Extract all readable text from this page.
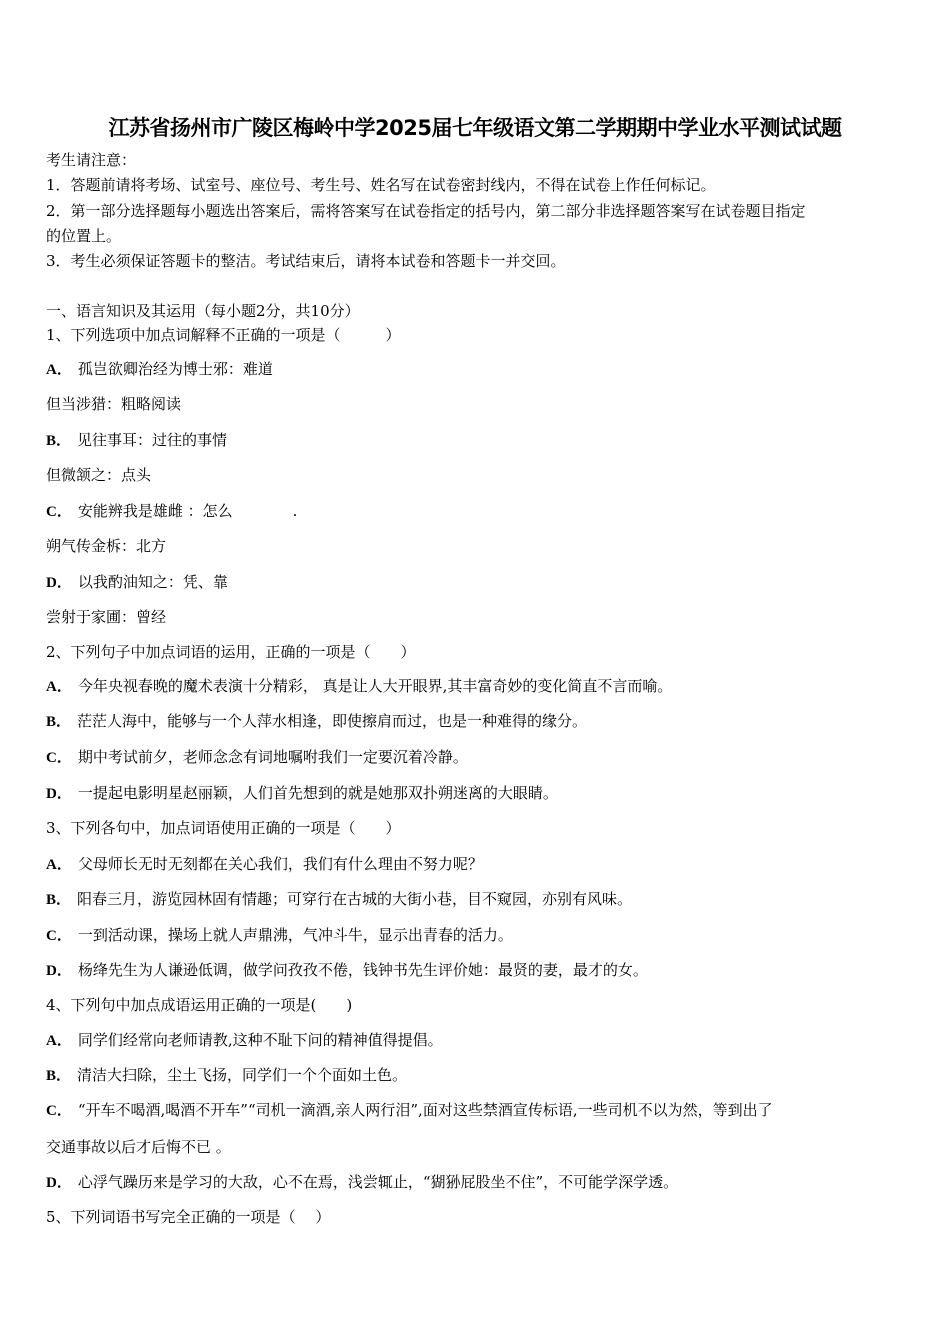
江苏省扬州市广陵区梅岭中学2025届七年级语文第二学期期中学业水平测试试题
考生请注意：
1．答题前请将考场、试室号、座位号、考生号、姓名写在试卷密封线内，不得在试卷上作任何标记。
2．第一部分选择题每小题选出答案后，需将答案写在试卷指定的括号内，第二部分非选择题答案写在试卷题目指定
的位置上。
3．考生必须保证答题卡的整洁。考试结束后，请将本试卷和答题卡一并交回。
一、语言知识及其运用（每小题2分，共10分）
1、下列选项中加点词解释不正确的一项是（　　　）
A． 孤岂欲卿治经为博士邪：难道
但当涉猎：粗略阅读
B． 见往事耳：过往的事情
但微颔之：点头
C． 安能辨我是雄雌 ：怎么　　　　.
朔气传金柝：北方
D． 以我酌油知之：凭、靠
尝射于家圃：曾经
2、下列句子中加点词语的运用，正确的一项是（　　）
A． 今年央视春晚的魔术表演十分精彩， 真是让人大开眼界,其丰富奇妙的变化简直不言而喻。
B． 茫茫人海中，能够与一个人萍水相逢，即使擦肩而过，也是一种难得的缘分。
C． 期中考试前夕，老师念念有词地嘱咐我们一定要沉着冷静。
D． 一提起电影明星赵丽颖，人们首先想到的就是她那双扑朔迷离的大眼睛。
3、下列各句中，加点词语使用正确的一项是（　　）
A． 父母师长无时无刻都在关心我们，我们有什么理由不努力呢？
B． 阳春三月，游览园林固有情趣；可穿行在古城的大街小巷，目不窥园，亦别有风味。
C． 一到活动课，操场上就人声鼎沸，气冲斗牛，显示出青春的活力。
D． 杨绛先生为人谦逊低调，做学问孜孜不倦，钱钟书先生评价她：最贤的妻，最才的女。
4、下列句中加点成语运用正确的一项是(　　)
A． 同学们经常向老师请教,这种不耻下问的精神值得提倡。
B． 清洁大扫除，尘土飞扬，同学们一个个面如土色。
C． “开车不喝酒,喝酒不开车”“司机一滴酒,亲人两行泪”,面对这些禁酒宣传标语,一些司机不以为然，等到出了
交通事故以后才后悔不已 。
D． 心浮气躁历来是学习的大敌，心不在焉，浅尝辄止，“猢狲屁股坐不住”，不可能学深学透。
5、下列词语书写完全正确的一项是（　 ）
